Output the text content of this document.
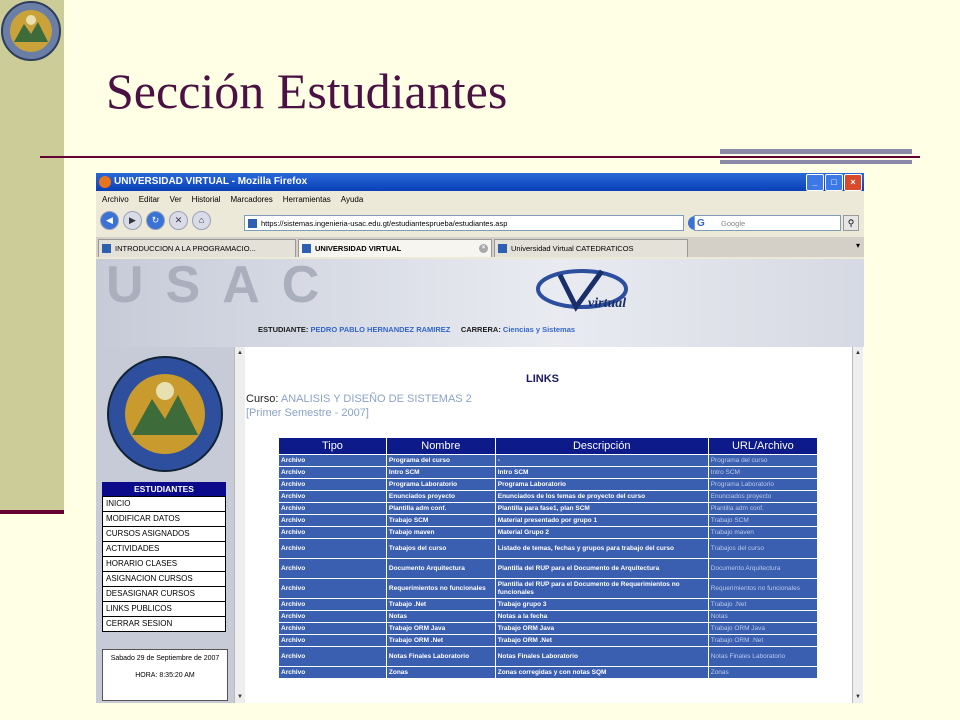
Sección Estudiantes
UNIVERSIDAD VIRTUAL - Mozilla Firefox	_	□	×
Archivo Editar Ver Historial Marcadores Herramientas Ayuda
◀	▶	↻	✕	⌂	https://sistemas.ingenieria-usac.edu.gt/estudiantesprueba/estudiantes.asp	G Google	⚲
INTRODUCCION A LA PROGRAMACIO...	UNIVERSIDAD VIRTUAL	×	Universidad Virtual CATEDRATICOS	▾
USAC	virtual
ESTUDIANTE: PEDRO PABLO HERNANDEZ RAMIREZ CARRERA: Ciencias y Sistemas
ESTUDIANTES
INICIO
MODIFICAR DATOS
CURSOS ASIGNADOS
ACTIVIDADES
HORARIO CLASES
ASIGNACION CURSOS
DESASIGNAR CURSOS
LINKS PUBLICOS
CERRAR SESION
Sabado 29 de Septiembre de 2007
HORA: 8:35:20 AM
▲
▼
LINKS
Curso: ANALISIS Y DISEÑO DE SISTEMAS 2
[Primer Semestre - 2007]
Tipo	Nombre	Descripción	URL/Archivo
Archivo	Programa del curso	-	Programa del curso
Archivo	Intro SCM	Intro SCM	Intro SCM
Archivo	Programa Laboratorio	Programa Laboratorio	Programa Laboratorio
Archivo	Enunciados proyecto	Enunciados de los temas de proyecto del curso	Enunciados proyecto
Archivo	Plantilla adm conf.	Plantilla para fase1, plan SCM	Plantilla adm conf.
Archivo	Trabajo SCM	Material presentado por grupo 1	Trabajo SCM
Archivo	Trabajo maven	Material Grupo 2	Trabajo maven
Archivo	Trabajos del curso	Listado de temas, fechas y grupos para trabajo del curso	Trabajos del curso
Archivo	Documento Arquitectura	Plantilla del RUP para el Documento de Arquitectura	Documento Arquitectura
Archivo	Requerimientos no funcionales	Plantilla del RUP para el Documento de Requerimientos no funcionales	Requerimientos no funcionales
Archivo	Trabajo .Net	Trabajo grupo 3	Trabajo .Net
Archivo	Notas	Notas a la fecha	Notas
Archivo	Trabajo ORM Java	Trabajo ORM Java	Trabajo ORM Java
Archivo	Trabajo ORM .Net	Trabajo ORM .Net	Trabajo ORM .Net
Archivo	Notas Finales Laboratorio	Notas Finales Laboratorio	Notas Finales Laboratorio
Archivo	Zonas	Zonas corregidas y con notas SQM	Zonas
▲
▼
